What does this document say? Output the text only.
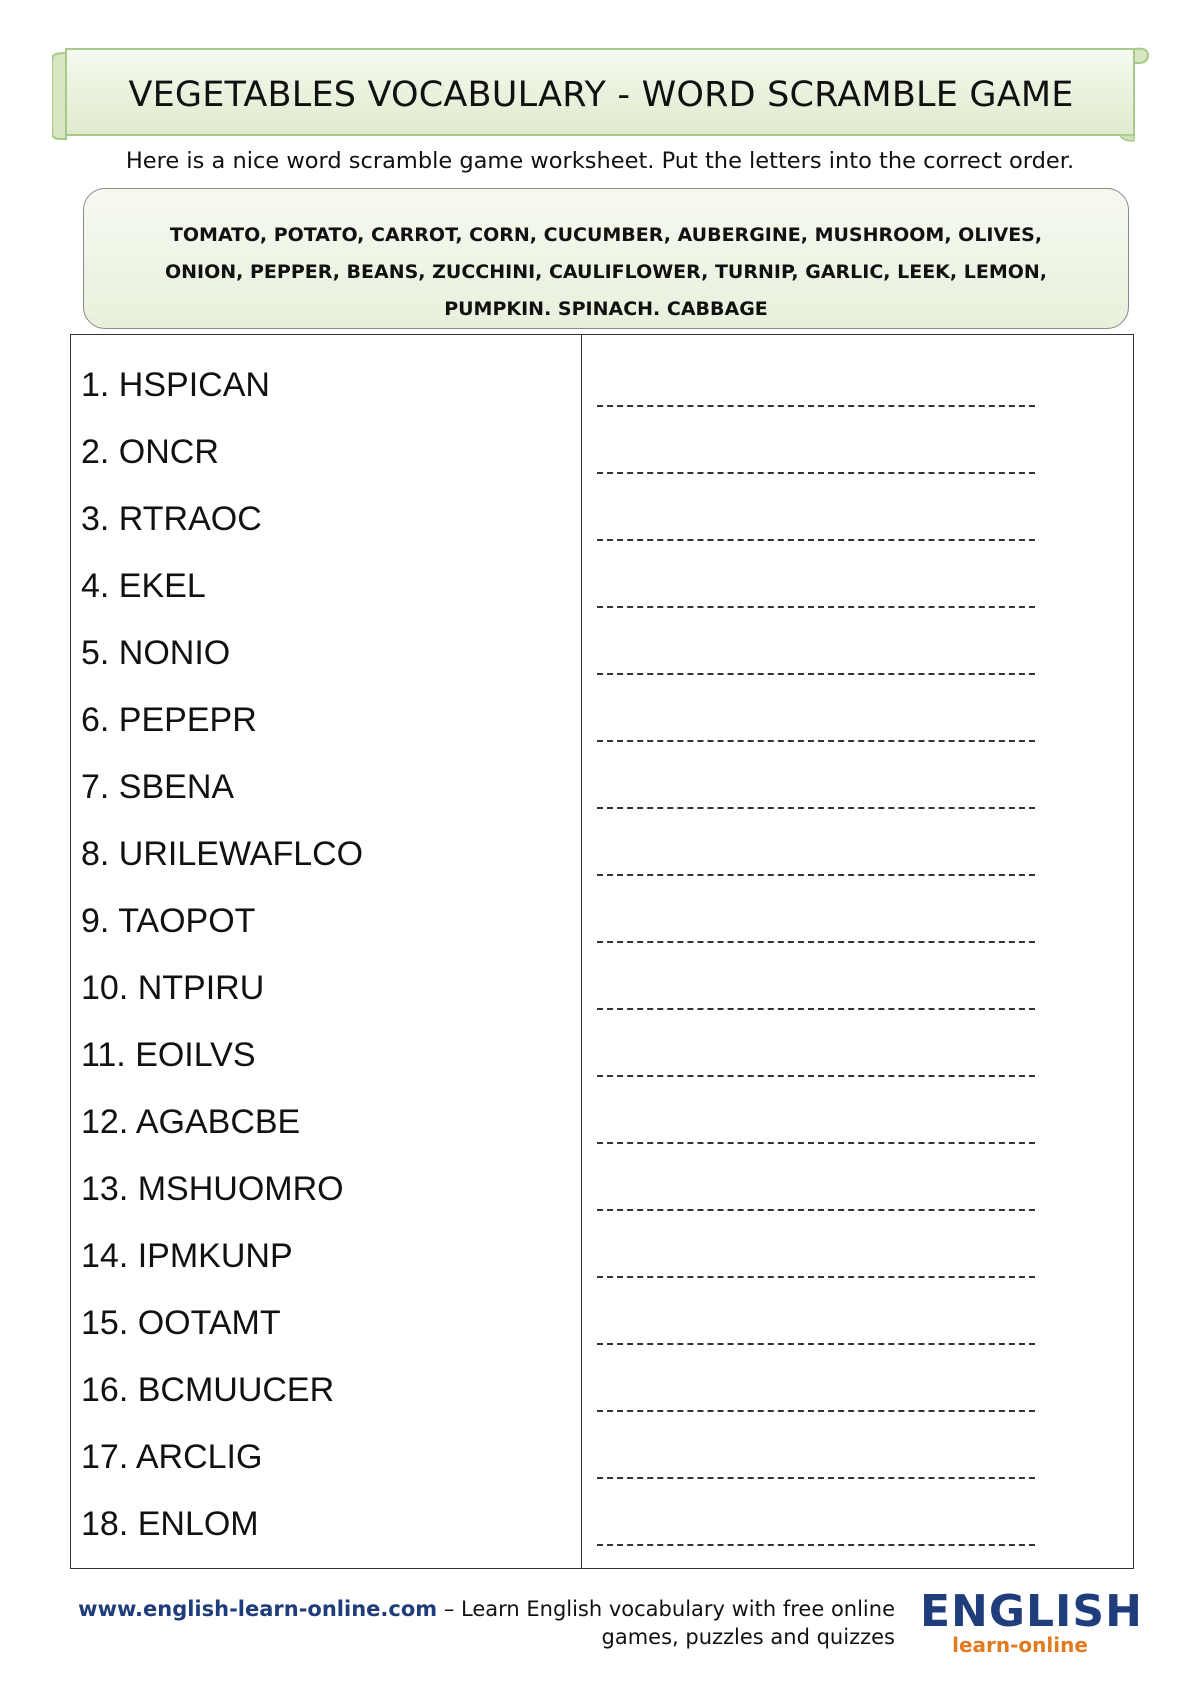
VEGETABLES VOCABULARY - WORD SCRAMBLE GAME
Here is a nice word scramble game worksheet. Put the letters into the correct order.
TOMATO, POTATO, CARROT, CORN, CUCUMBER, AUBERGINE, MUSHROOM, OLIVES,
ONION, PEPPER, BEANS, ZUCCHINI, CAULIFLOWER, TURNIP, GARLIC, LEEK, LEMON,
PUMPKIN. SPINACH. CABBAGE
1. HSPICAN
2. ONCR
3. RTRAOC
4. EKEL
5. NONIO
6. PEPEPR
7. SBENA
8. URILEWAFLCO
9. TAOPOT
10. NTPIRU
11. EOILVS
12. AGABCBE
13. MSHUOMRO
14. IPMKUNP
15. OOTAMT
16. BCMUUCER
17. ARCLIG
18. ENLOM
www.english-learn-online.com – Learn English vocabulary with free online
games, puzzles and quizzes ENGLISH
learn-online
